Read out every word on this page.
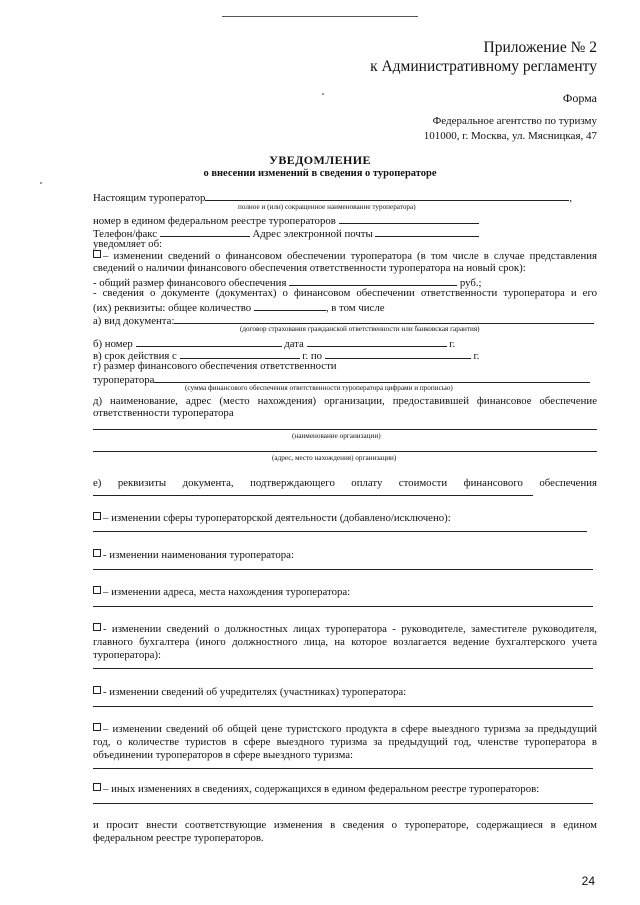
Приложение № 2
к Административному регламенту
Форма
Федеральное агентство по туризму
101000, г. Москва, ул. Мясницкая, 47
УВЕДОМЛЕНИЕ
о внесении изменений в сведения о туроператоре
Настоящим туроператор	,
полное и (или) сокращенное наименование туроператора)
номер в едином федеральном реестре туроператоров
Телефон/факс	Адрес электронной почты
уведомляет об:
– изменении сведений о финансовом обеспечении туроператора (в том числе в случае представления
сведений о наличии финансового обеспечения ответственности туроператора на новый срок):
- общий размер финансового обеспечения	руб.;
- сведения о документе (документах) о финансовом обеспечении ответственности туроператора и его
(их) реквизиты: общее количество	, в том числе
а) вид документа:
(договор страхования гражданской ответственности или банковская гарантия)
б) номер	дата	г.
в) срок действия с	г. по	г.
г) размер финансового обеспечения ответственности
туроператора
(сумма финансового обеспечения ответственности туроператора цифрами и прописью)
д) наименование, адрес (место нахождения) организации, предоставившей финансовое обеспечение
ответственности туроператора
(наименование организации)
(адрес, место нахождения) организации)
е) реквизиты документа, подтверждающего оплату стоимости финансового обеспечения
– изменении сферы туроператорской деятельности (добавлено/исключено):
- изменении наименования туроператора:
– изменении адреса, места нахождения туроператора:
- изменении сведений о должностных лицах туроператора - руководителе, заместителе руководителя,
главного бухгалтера (иного должностного лица, на которое возлагается ведение бухгалтерского учета
туроператора):
- изменении сведений об учредителях (участниках) туроператора:
– изменении сведений об общей цене туристского продукта в сфере выездного туризма за предыдущий
год, о количестве туристов в сфере выездного туризма за предыдущий год, членстве туроператора в
объединении туроператоров в сфере выездного туризма:
– иных изменениях в сведениях, содержащихся в едином федеральном реестре туроператоров:
и просит внести соответствующие изменения в сведения о туроператоре, содержащиеся в едином
федеральном реестре туроператоров.
24
